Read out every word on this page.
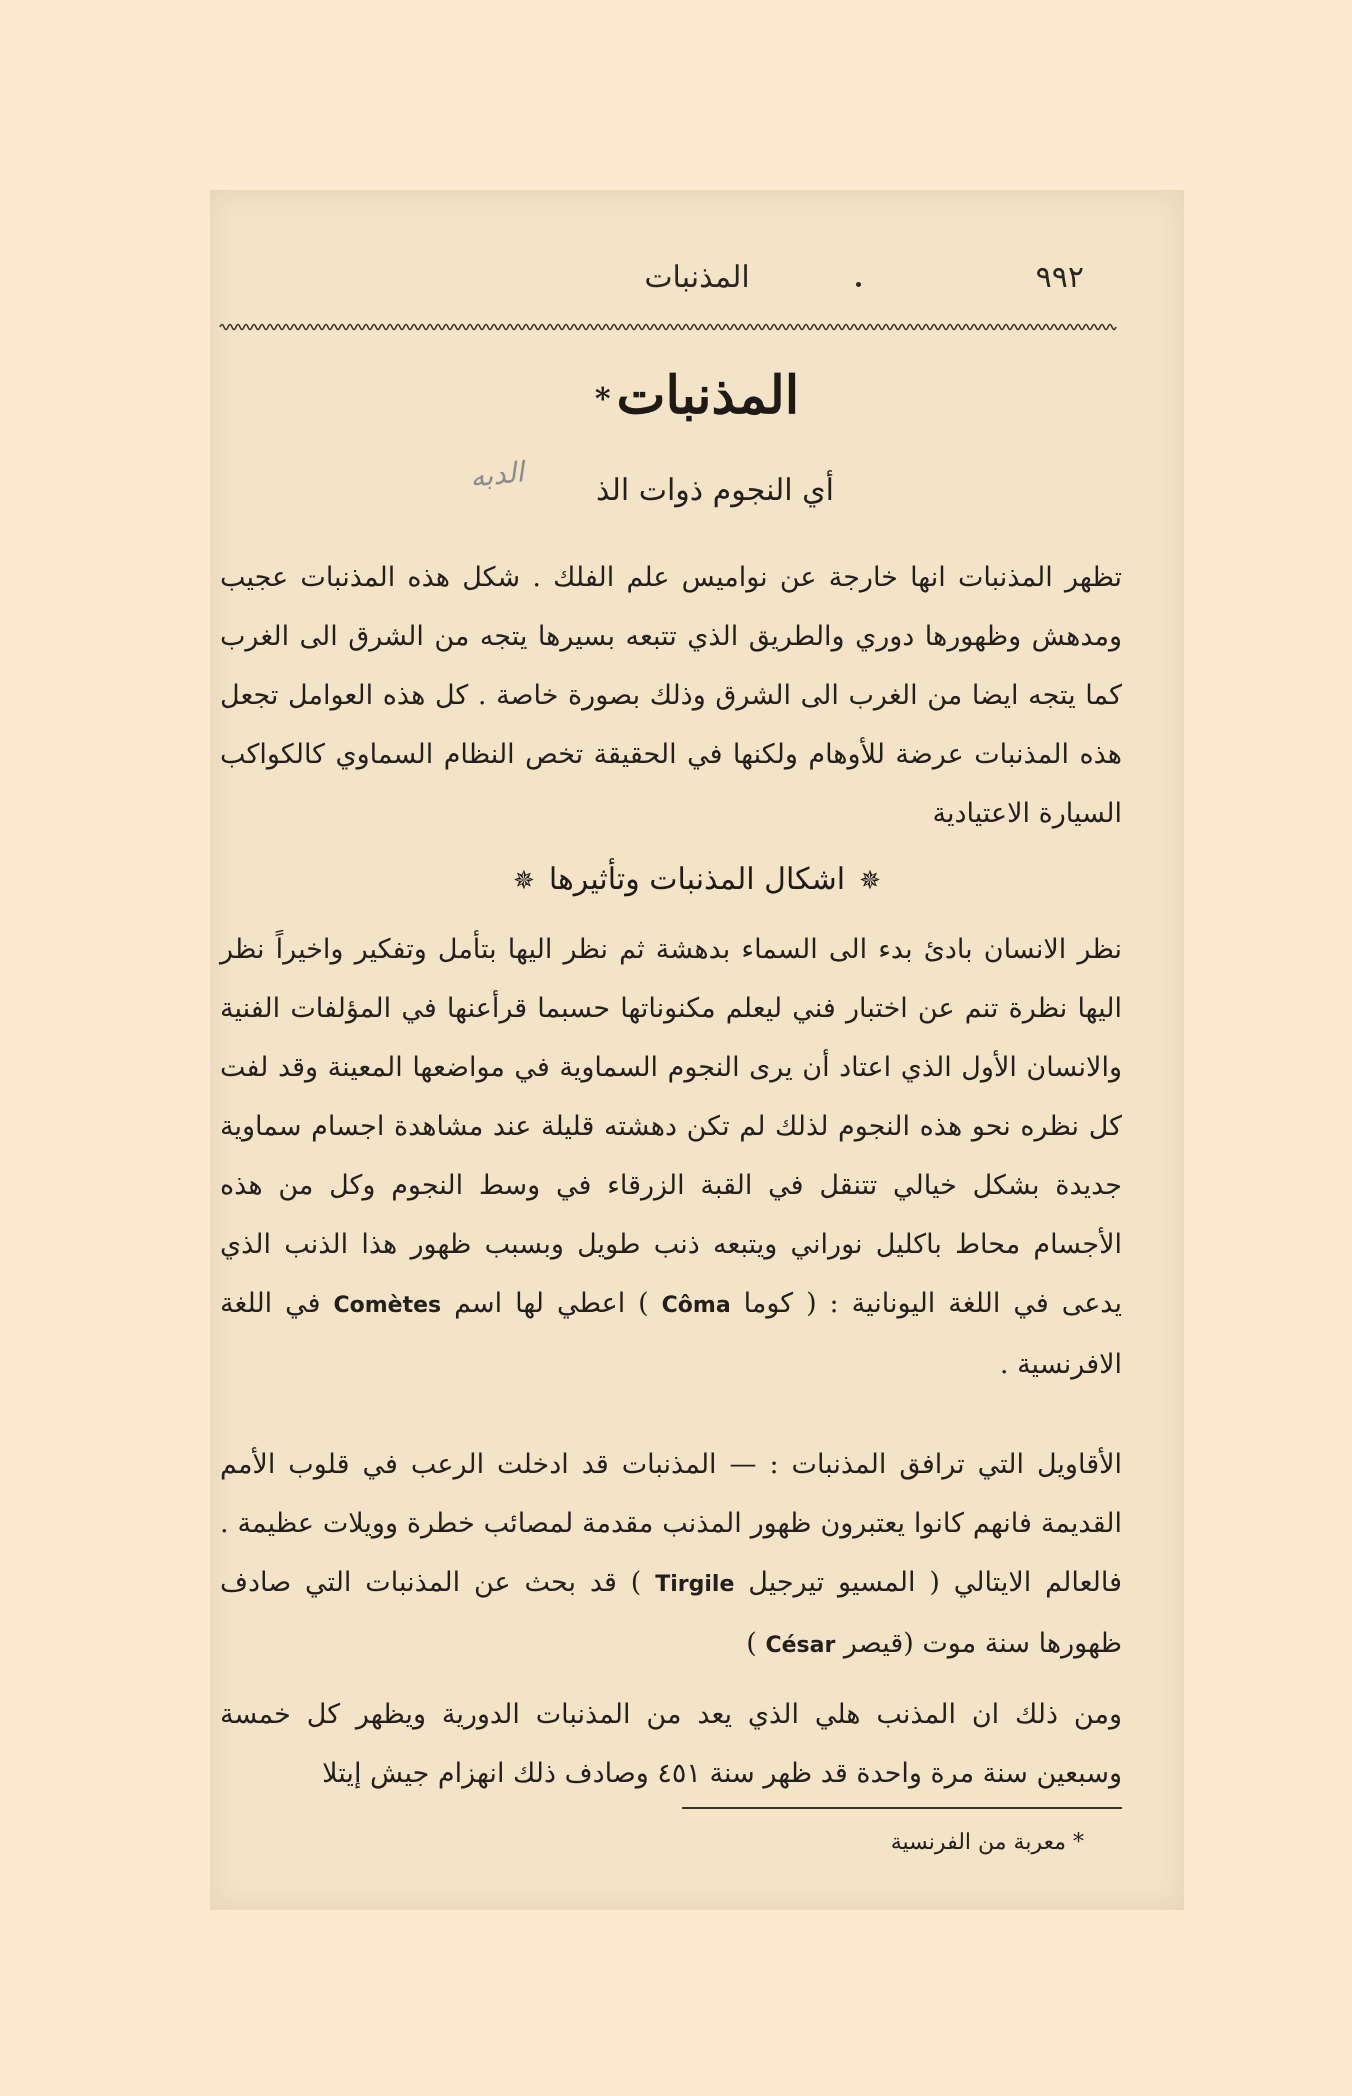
٩٩٢
المذنبات
المذنبات*
أي النجوم ذوات الذ
الدبه
تظهر المذنبات انها خارجة عن نواميس علم الفلك . شكل هذه المذنبات عجيب ومدهش وظهورها دوري والطريق الذي تتبعه بسيرها يتجه من الشرق الى الغرب كما يتجه ايضا من الغرب الى الشرق وذلك بصورة خاصة . كل هذه العوامل تجعل هذه المذنبات عرضة للأوهام ولكنها في الحقيقة تخص النظام السماوي كالكواكب السيارة الاعتيادية
✵اشكال المذنبات وتأثيرها✵
نظر الانسان بادئ بدء الى السماء بدهشة ثم نظر اليها بتأمل وتفكير واخيراً نظر اليها نظرة تنم عن اختبار فني ليعلم مكنوناتها حسبما قرأعنها في المؤلفات الفنية والانسان الأول الذي اعتاد أن يرى النجوم السماوية في مواضعها المعينة وقد لفت كل نظره نحو هذه النجوم لذلك لم تكن دهشته قليلة عند مشاهدة اجسام سماوية جديدة بشكل خيالي تتنقل في القبة الزرقاء في وسط النجوم وكل من هذه الأجسام محاط باكليل نوراني ويتبعه ذنب طويل وبسبب ظهور هذا الذنب الذي يدعى في اللغة اليونانية : ( كوما Côma ) اعطي لها اسم Comètes في اللغة الافرنسية .
الأقاويل التي ترافق المذنبات : — المذنبات قد ادخلت الرعب في قلوب الأمم القديمة فانهم كانوا يعتبرون ظهور المذنب مقدمة لمصائب خطرة وويلات عظيمة . فالعالم الايتالي ( المسيو تيرجيل Tirgile ) قد بحث عن المذنبات التي صادف ظهورها سنة موت (قيصر César )
ومن ذلك ان المذنب هلي الذي يعد من المذنبات الدورية ويظهر كل خمسة وسبعين سنة مرة واحدة قد ظهر سنة ٤٥١ وصادف ذلك انهزام جيش إيتلا
* معربة من الفرنسية
